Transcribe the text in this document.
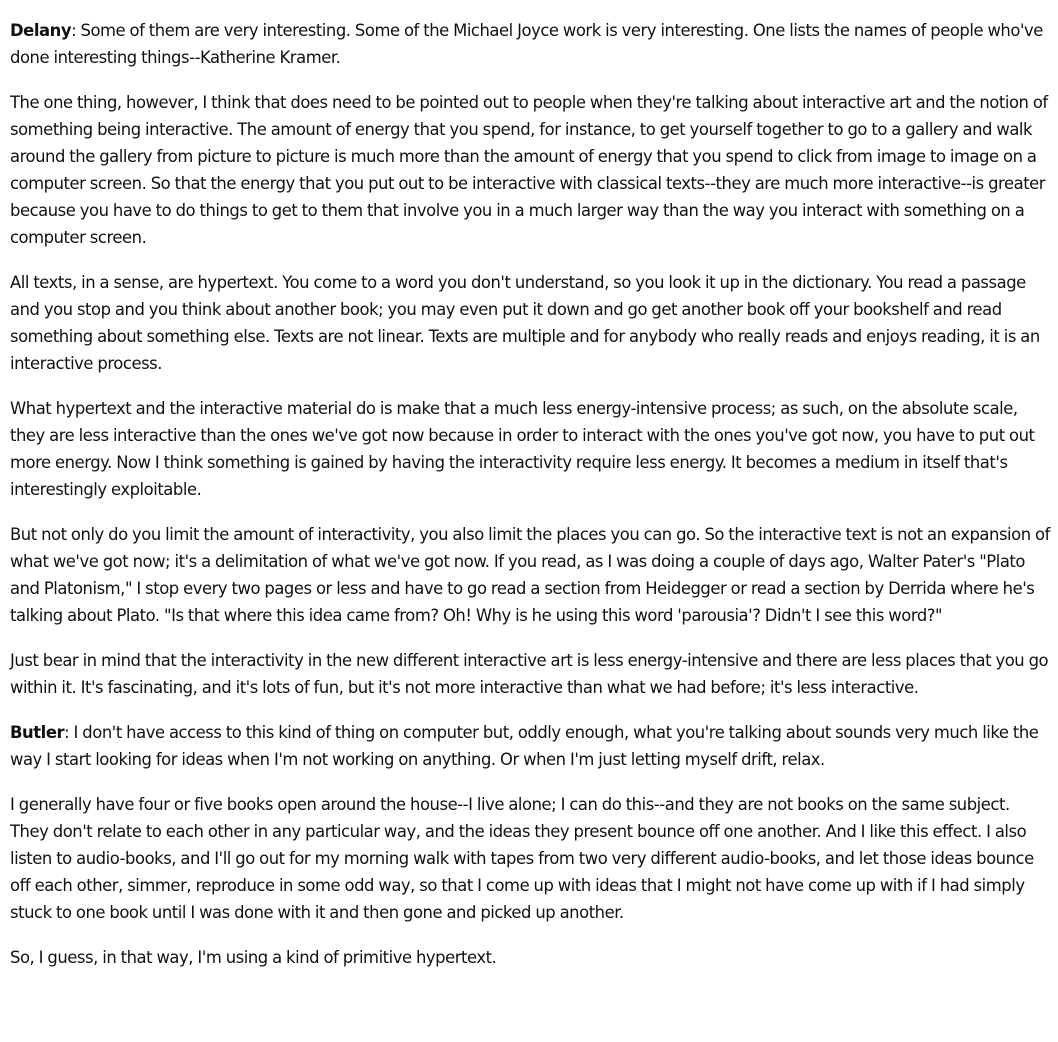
Delany: Some of them are very interesting. Some of the Michael Joyce work is very interesting. One lists the names of people who've done interesting things--Katherine Kramer.

The one thing, however, I think that does need to be pointed out to people when they're talking about interactive art and the notion of something being interactive. The amount of energy that you spend, for instance, to get yourself together to go to a gallery and walk around the gallery from picture to picture is much more than the amount of energy that you spend to click from image to image on a computer screen. So that the energy that you put out to be interactive with classical texts--they are much more interactive--is greater because you have to do things to get to them that involve you in a much larger way than the way you interact with something on a computer screen.

All texts, in a sense, are hypertext. You come to a word you don't understand, so you look it up in the dictionary. You read a passage and you stop and you think about another book; you may even put it down and go get another book off your bookshelf and read something about something else. Texts are not linear. Texts are multiple and for anybody who really reads and enjoys reading, it is an interactive process.

What hypertext and the interactive material do is make that a much less energy-intensive process; as such, on the absolute scale, they are less interactive than the ones we've got now because in order to interact with the ones you've got now, you have to put out more energy. Now I think something is gained by having the interactivity require less energy. It becomes a medium in itself that's interestingly exploitable.

But not only do you limit the amount of interactivity, you also limit the places you can go. So the interactive text is not an expansion of what we've got now; it's a delimitation of what we've got now. If you read, as I was doing a couple of days ago, Walter Pater's "Plato and Platonism," I stop every two pages or less and have to go read a section from Heidegger or read a section by Derrida where he's talking about Plato. "Is that where this idea came from? Oh! Why is he using this word 'parousia'? Didn't I see this word?"

Just bear in mind that the interactivity in the new different interactive art is less energy-intensive and there are less places that you go within it. It's fascinating, and it's lots of fun, but it's not more interactive than what we had before; it's less interactive.

Butler: I don't have access to this kind of thing on computer but, oddly enough, what you're talking about sounds very much like the way I start looking for ideas when I'm not working on anything. Or when I'm just letting myself drift, relax.

I generally have four or five books open around the house--I live alone; I can do this--and they are not books on the same subject. They don't relate to each other in any particular way, and the ideas they present bounce off one another. And I like this effect. I also listen to audio-books, and I'll go out for my morning walk with tapes from two very different audio-books, and let those ideas bounce off each other, simmer, reproduce in some odd way, so that I come up with ideas that I might not have come up with if I had simply stuck to one book until I was done with it and then gone and picked up another.

So, I guess, in that way, I'm using a kind of primitive hypertext.
